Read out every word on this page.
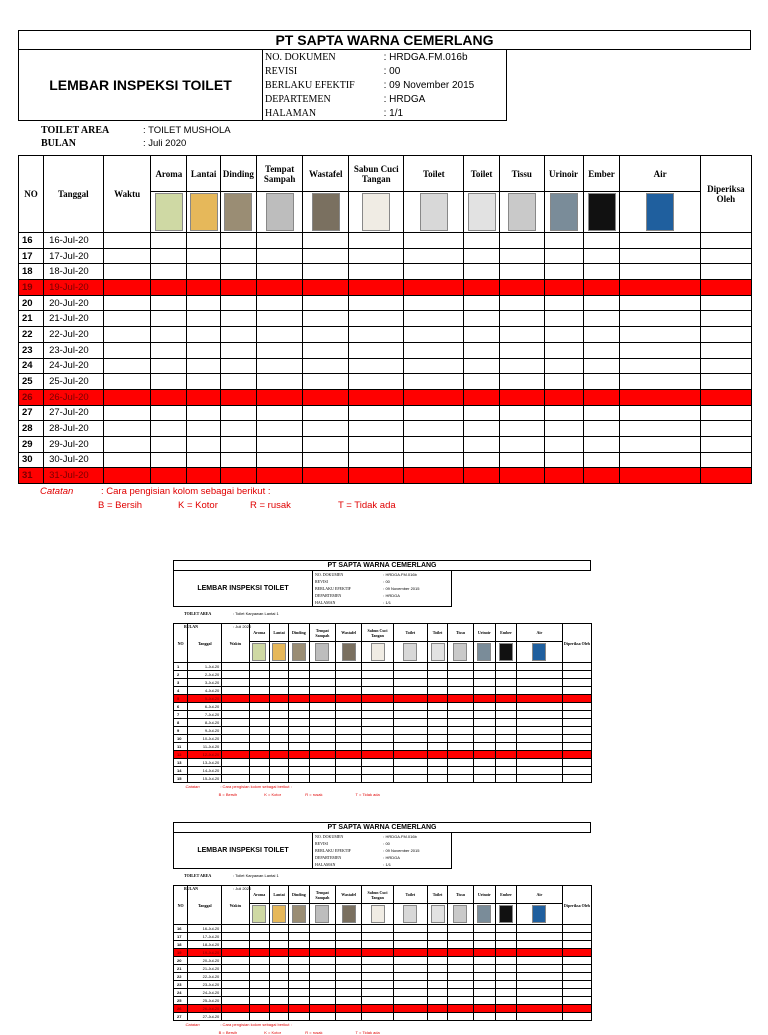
PT SAPTA WARNA CEMERLANG
LEMBAR INSPEKSI TOILET	
NO. DOKUMEN	: HRDGA.FM.016b
REVISI	: 00
BERLAKU EFEKTIF	: 09 November 2015
DEPARTEMEN	: HRDGA
HALAMAN	: 1/1
TOILET AREA	: TOILET MUSHOLA
BULAN	: Juli 2020
NO	Tanggal	Waktu	Aroma	Lantai	Dinding	Tempat Sampah	Wastafel	Sabun Cuci Tangan	Toilet	Toilet	Tissu	Urinoir	Ember	Air	Diperiksa Oleh	

16	16-Jul-20															
17	17-Jul-20															
18	18-Jul-20															
19	19-Jul-20															
20	20-Jul-20															
21	21-Jul-20															
22	22-Jul-20															
23	23-Jul-20															
24	24-Jul-20															
25	25-Jul-20															
26	26-Jul-20															
27	27-Jul-20															
28	28-Jul-20															
29	29-Jul-20															
30	30-Jul-20															
31	31-Jul-20															
Catatan	: Cara pengisian kolom sebagai berikut :
B = Bersih	K = Kotor	R = rusak	T = Tidak ada
PT SAPTA WARNA CEMERLANG
LEMBAR INSPEKSI TOILET	
NO. DOKUMEN	: HRDGA.FM.016b
REVISI	: 00
BERLAKU EFEKTIF	: 09 November 2015
DEPARTEMEN	: HRDGA
HALAMAN	: 1/1
TOILET AREA	: Toilet Karyawan Lantai 1
BULAN	: Juli 2020
NO	Tanggal	Waktu	Aroma	Lantai	Dinding	Tempat Sampah	Wastafel	Sabun Cuci Tangan	Toilet	Toilet	Tissu	Urinoir	Ember	Air	Diperiksa Oleh	

1	1-Jul-20															
2	2-Jul-20															
3	3-Jul-20															
4	4-Jul-20															
5	5-Jul-20															
6	6-Jul-20															
7	7-Jul-20															
8	8-Jul-20															
9	9-Jul-20															
10	10-Jul-20															
11	11-Jul-20															
12	12-Jul-20															
13	13-Jul-20															
14	14-Jul-20															
15	15-Jul-20															
Catatan	: Cara pengisian kolom sebagai berikut :
B = Bersih	K = Kotor	R = rusak	T = Tidak ada
PT SAPTA WARNA CEMERLANG
LEMBAR INSPEKSI TOILET	
NO. DOKUMEN	: HRDGA.FM.016b
REVISI	: 00
BERLAKU EFEKTIF	: 09 November 2015
DEPARTEMEN	: HRDGA
HALAMAN	: 1/1
TOILET AREA	: Toilet Karyawan Lantai 1
BULAN	: Juli 2020
NO	Tanggal	Waktu	Aroma	Lantai	Dinding	Tempat Sampah	Wastafel	Sabun Cuci Tangan	Toilet	Toilet	Tissu	Urinoir	Ember	Air	Diperiksa Oleh	

16	16-Jul-20															
17	17-Jul-20															
18	18-Jul-20															
19	19-Jul-20															
20	20-Jul-20															
21	21-Jul-20															
22	22-Jul-20															
23	23-Jul-20															
24	24-Jul-20															
25	25-Jul-20															
26	26-Jul-20															
27	27-Jul-20															
Catatan	: Cara pengisian kolom sebagai berikut :
B = Bersih	K = Kotor	R = rusak	T = Tidak ada
